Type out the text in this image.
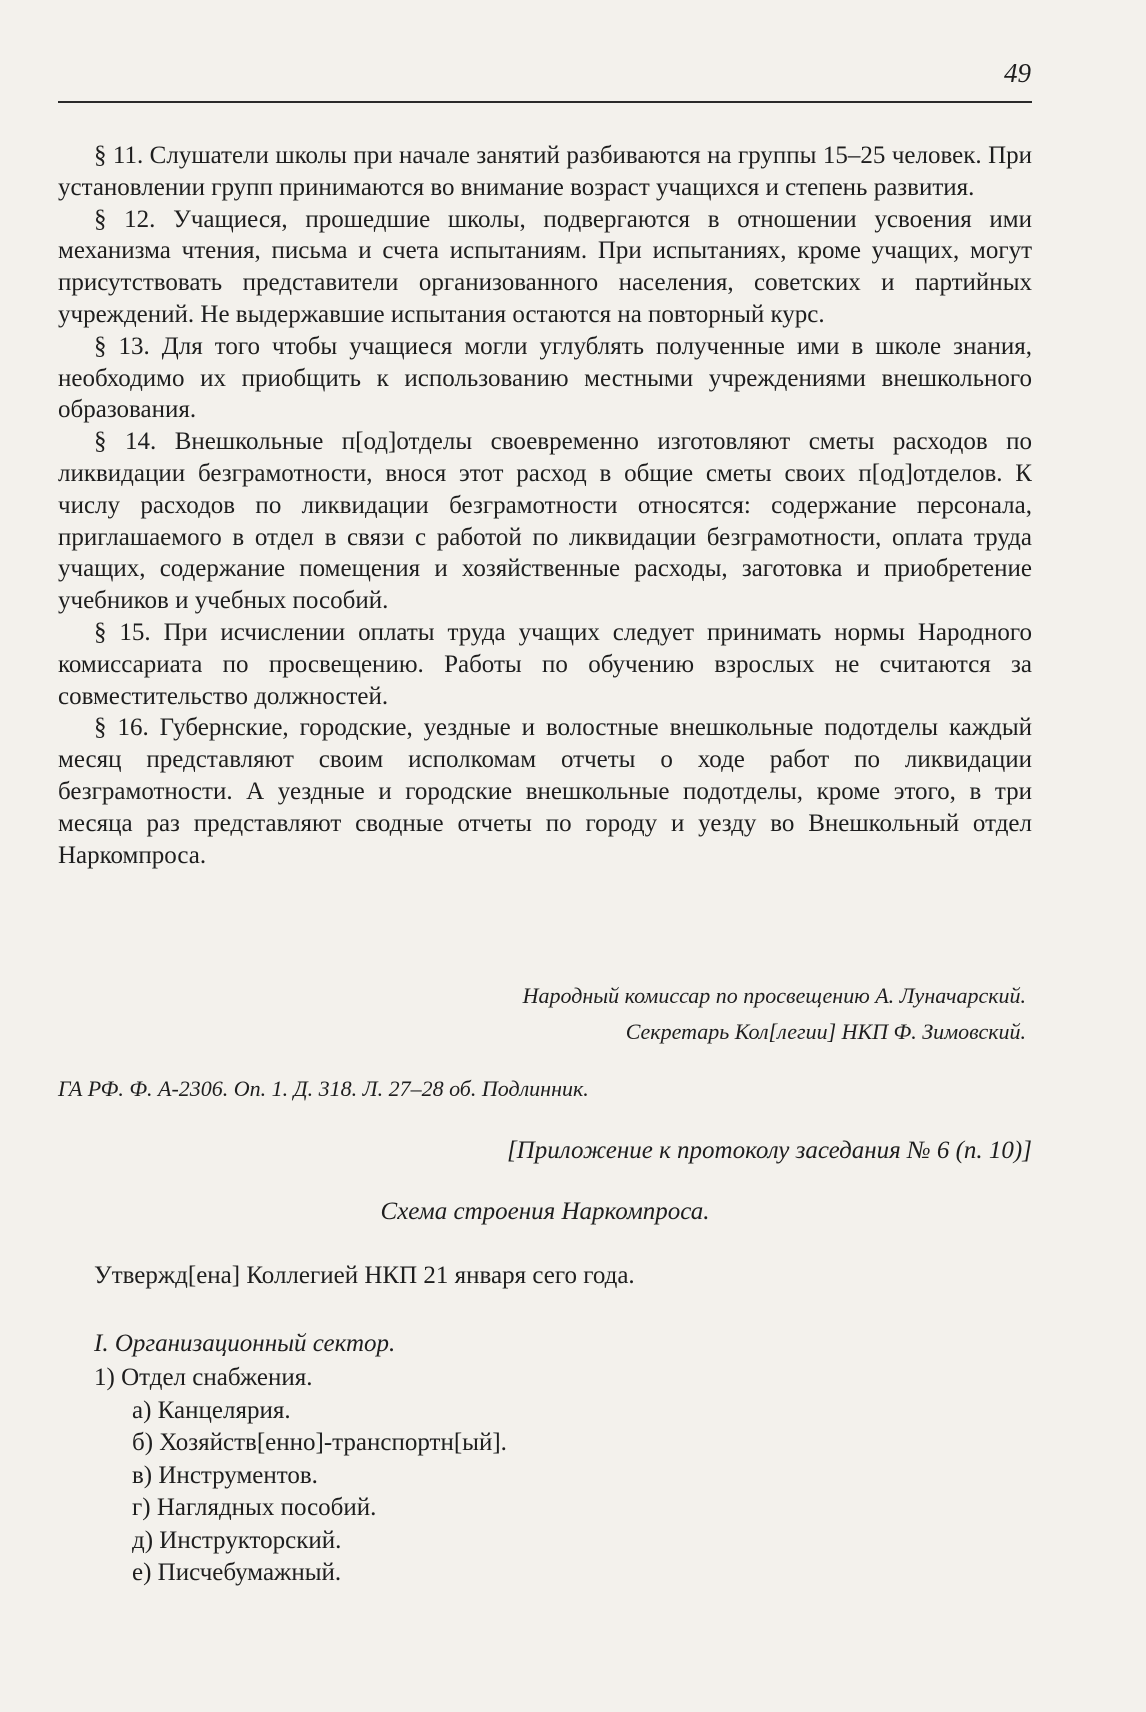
49

§ 11. Слушатели школы при начале занятий разбиваются на группы 15–25 человек. При установлении групп принимаются во внимание возраст учащихся и степень развития.

§ 12. Учащиеся, прошедшие школы, подвергаются в отношении усвоения ими механизма чтения, письма и счета испытаниям. При испытаниях, кроме учащих, могут присутствовать представители организованного населения, советских и партийных учреждений. Не выдержавшие испытания остаются на повторный курс.

§ 13. Для того чтобы учащиеся могли углублять полученные ими в школе знания, необходимо их приобщить к использованию местными учреждениями внешкольного образования.

§ 14. Внешкольные п[од]отделы своевременно изготовляют сметы расходов по ликвидации безграмотности, внося этот расход в общие сметы своих п[од]отделов. К числу расходов по ликвидации безграмотности относятся: содержание персонала, приглашаемого в отдел в связи с работой по ликвидации безграмотности, оплата труда учащих, содержание помещения и хозяйственные расходы, заготовка и приобретение учебников и учебных пособий.

§ 15. При исчислении оплаты труда учащих следует принимать нормы Народного комиссариата по просвещению. Работы по обучению взрослых не считаются за совместительство должностей.

§ 16. Губернские, городские, уездные и волостные внешкольные подотделы каждый месяц представляют своим исполкомам отчеты о ходе работ по ликвидации безграмотности. А уездные и городские внешкольные подотделы, кроме этого, в три месяца раз представляют сводные отчеты по городу и уезду во Внешкольный отдел Наркомпроса.

Народный комиссар по просвещению А. Луначарский.
Секретарь Кол[легии] НКП Ф. Зимовский.
ГА РФ. Ф. А-2306. Оп. 1. Д. 318. Л. 27–28 об. Подлинник.
[Приложение к протоколу заседания № 6 (п. 10)]
Схема строения Наркомпроса.
Утвержд[ена] Коллегией НКП 21 января сего года.
I. Организационный сектор.
1) Отдел снабжения.
а) Канцелярия.
б) Хозяйств[енно]-транспортн[ый].
в) Инструментов.
г) Наглядных пособий.
д) Инструкторский.
е) Писчебумажный.
